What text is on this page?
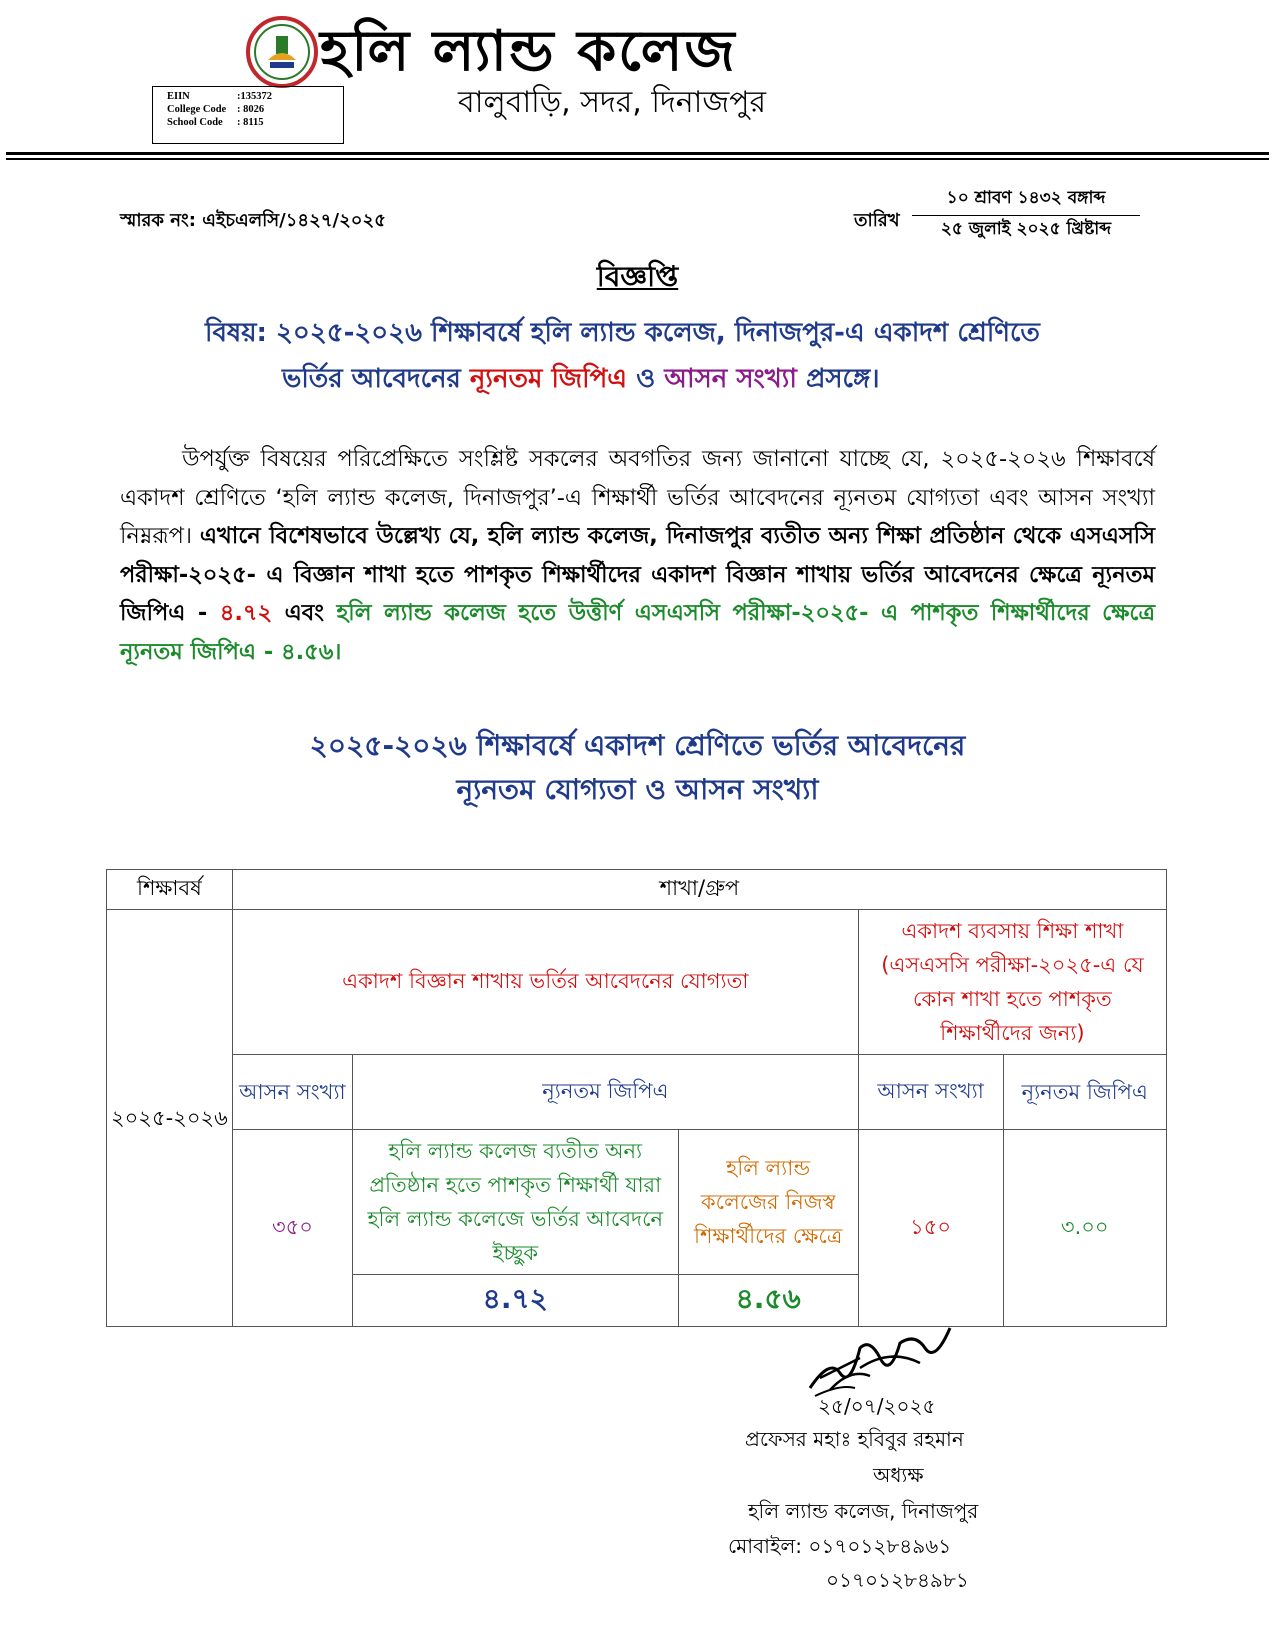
হলি ল্যান্ড কলেজ
বালুবাড়ি, সদর, দিনাজপুর
EIIN	:135372
College Code	: 8026
School Code	: 8115
স্মারক নং: এইচএলসি/১৪২৭/২০২৫	তারিখ
১০ শ্রাবণ ১৪৩২ বঙ্গাব্দ
২৫ জুলাই ২০২৫ খ্রিষ্টাব্দ
বিজ্ঞপ্তি
বিষয়: ২০২৫-২০২৬ শিক্ষাবর্ষে হলি ল্যান্ড কলেজ, দিনাজপুর-এ একাদশ শ্রেণিতে
ভর্তির আবেদনের ন্যূনতম জিপিএ ও আসন সংখ্যা প্রসঙ্গে।
উপর্যুক্ত বিষয়ের পরিপ্রেক্ষিতে সংশ্লিষ্ট সকলের অবগতির জন্য জানানো যাচ্ছে যে, ২০২৫-২০২৬ শিক্ষাবর্ষে একাদশ শ্রেণিতে ‘হলি ল্যান্ড কলেজ, দিনাজপুর’-এ শিক্ষার্থী ভর্তির আবেদনের ন্যূনতম যোগ্যতা এবং আসন সংখ্যা নিম্নরূপ। এখানে বিশেষভাবে উল্লেখ্য যে, হলি ল্যান্ড কলেজ, দিনাজপুর ব্যতীত অন্য শিক্ষা প্রতিষ্ঠান থেকে এসএসসি পরীক্ষা-২০২৫- এ বিজ্ঞান শাখা হতে পাশকৃত শিক্ষার্থীদের একাদশ বিজ্ঞান শাখায় ভর্তির আবেদনের ক্ষেত্রে ন্যূনতম জিপিএ - ৪.৭২ এবং হলি ল্যান্ড কলেজ হতে উত্তীর্ণ এসএসসি পরীক্ষা-২০২৫- এ পাশকৃত শিক্ষার্থীদের ক্ষেত্রে ন্যূনতম জিপিএ - ৪.৫৬।
২০২৫-২০২৬ শিক্ষাবর্ষে একাদশ শ্রেণিতে ভর্তির আবেদনের
ন্যূনতম যোগ্যতা ও আসন সংখ্যা
শিক্ষাবর্ষ	শাখা/গ্রুপ				
২০২৫-২০২৬	একাদশ বিজ্ঞান শাখায় ভর্তির আবেদনের যোগ্যতা			একাদশ ব্যবসায় শিক্ষা শাখা (এসএসসি পরীক্ষা-২০২৫-এ যে কোন শাখা হতে পাশকৃত শিক্ষার্থীদের জন্য)	
	আসন সংখ্যা	ন্যূনতম জিপিএ		আসন সংখ্যা	ন্যূনতম জিপিএ
	৩৫০	হলি ল্যান্ড কলেজ ব্যতীত অন্য প্রতিষ্ঠান হতে পাশকৃত শিক্ষার্থী যারা হলি ল্যান্ড কলেজে ভর্তির আবেদনে ইচ্ছুক	হলি ল্যান্ড কলেজের নিজস্ব শিক্ষার্থীদের ক্ষেত্রে	১৫০	৩.০০
		৪.৭২	৪.৫৬		
২৫/০৭/২০২৫
প্রফেসর মহাঃ হবিবুর রহমান
অধ্যক্ষ
হলি ল্যান্ড কলেজ, দিনাজপুর
মোবাইল: ০১৭০১২৮৪৯৬১
০১৭০১২৮৪৯৮১
